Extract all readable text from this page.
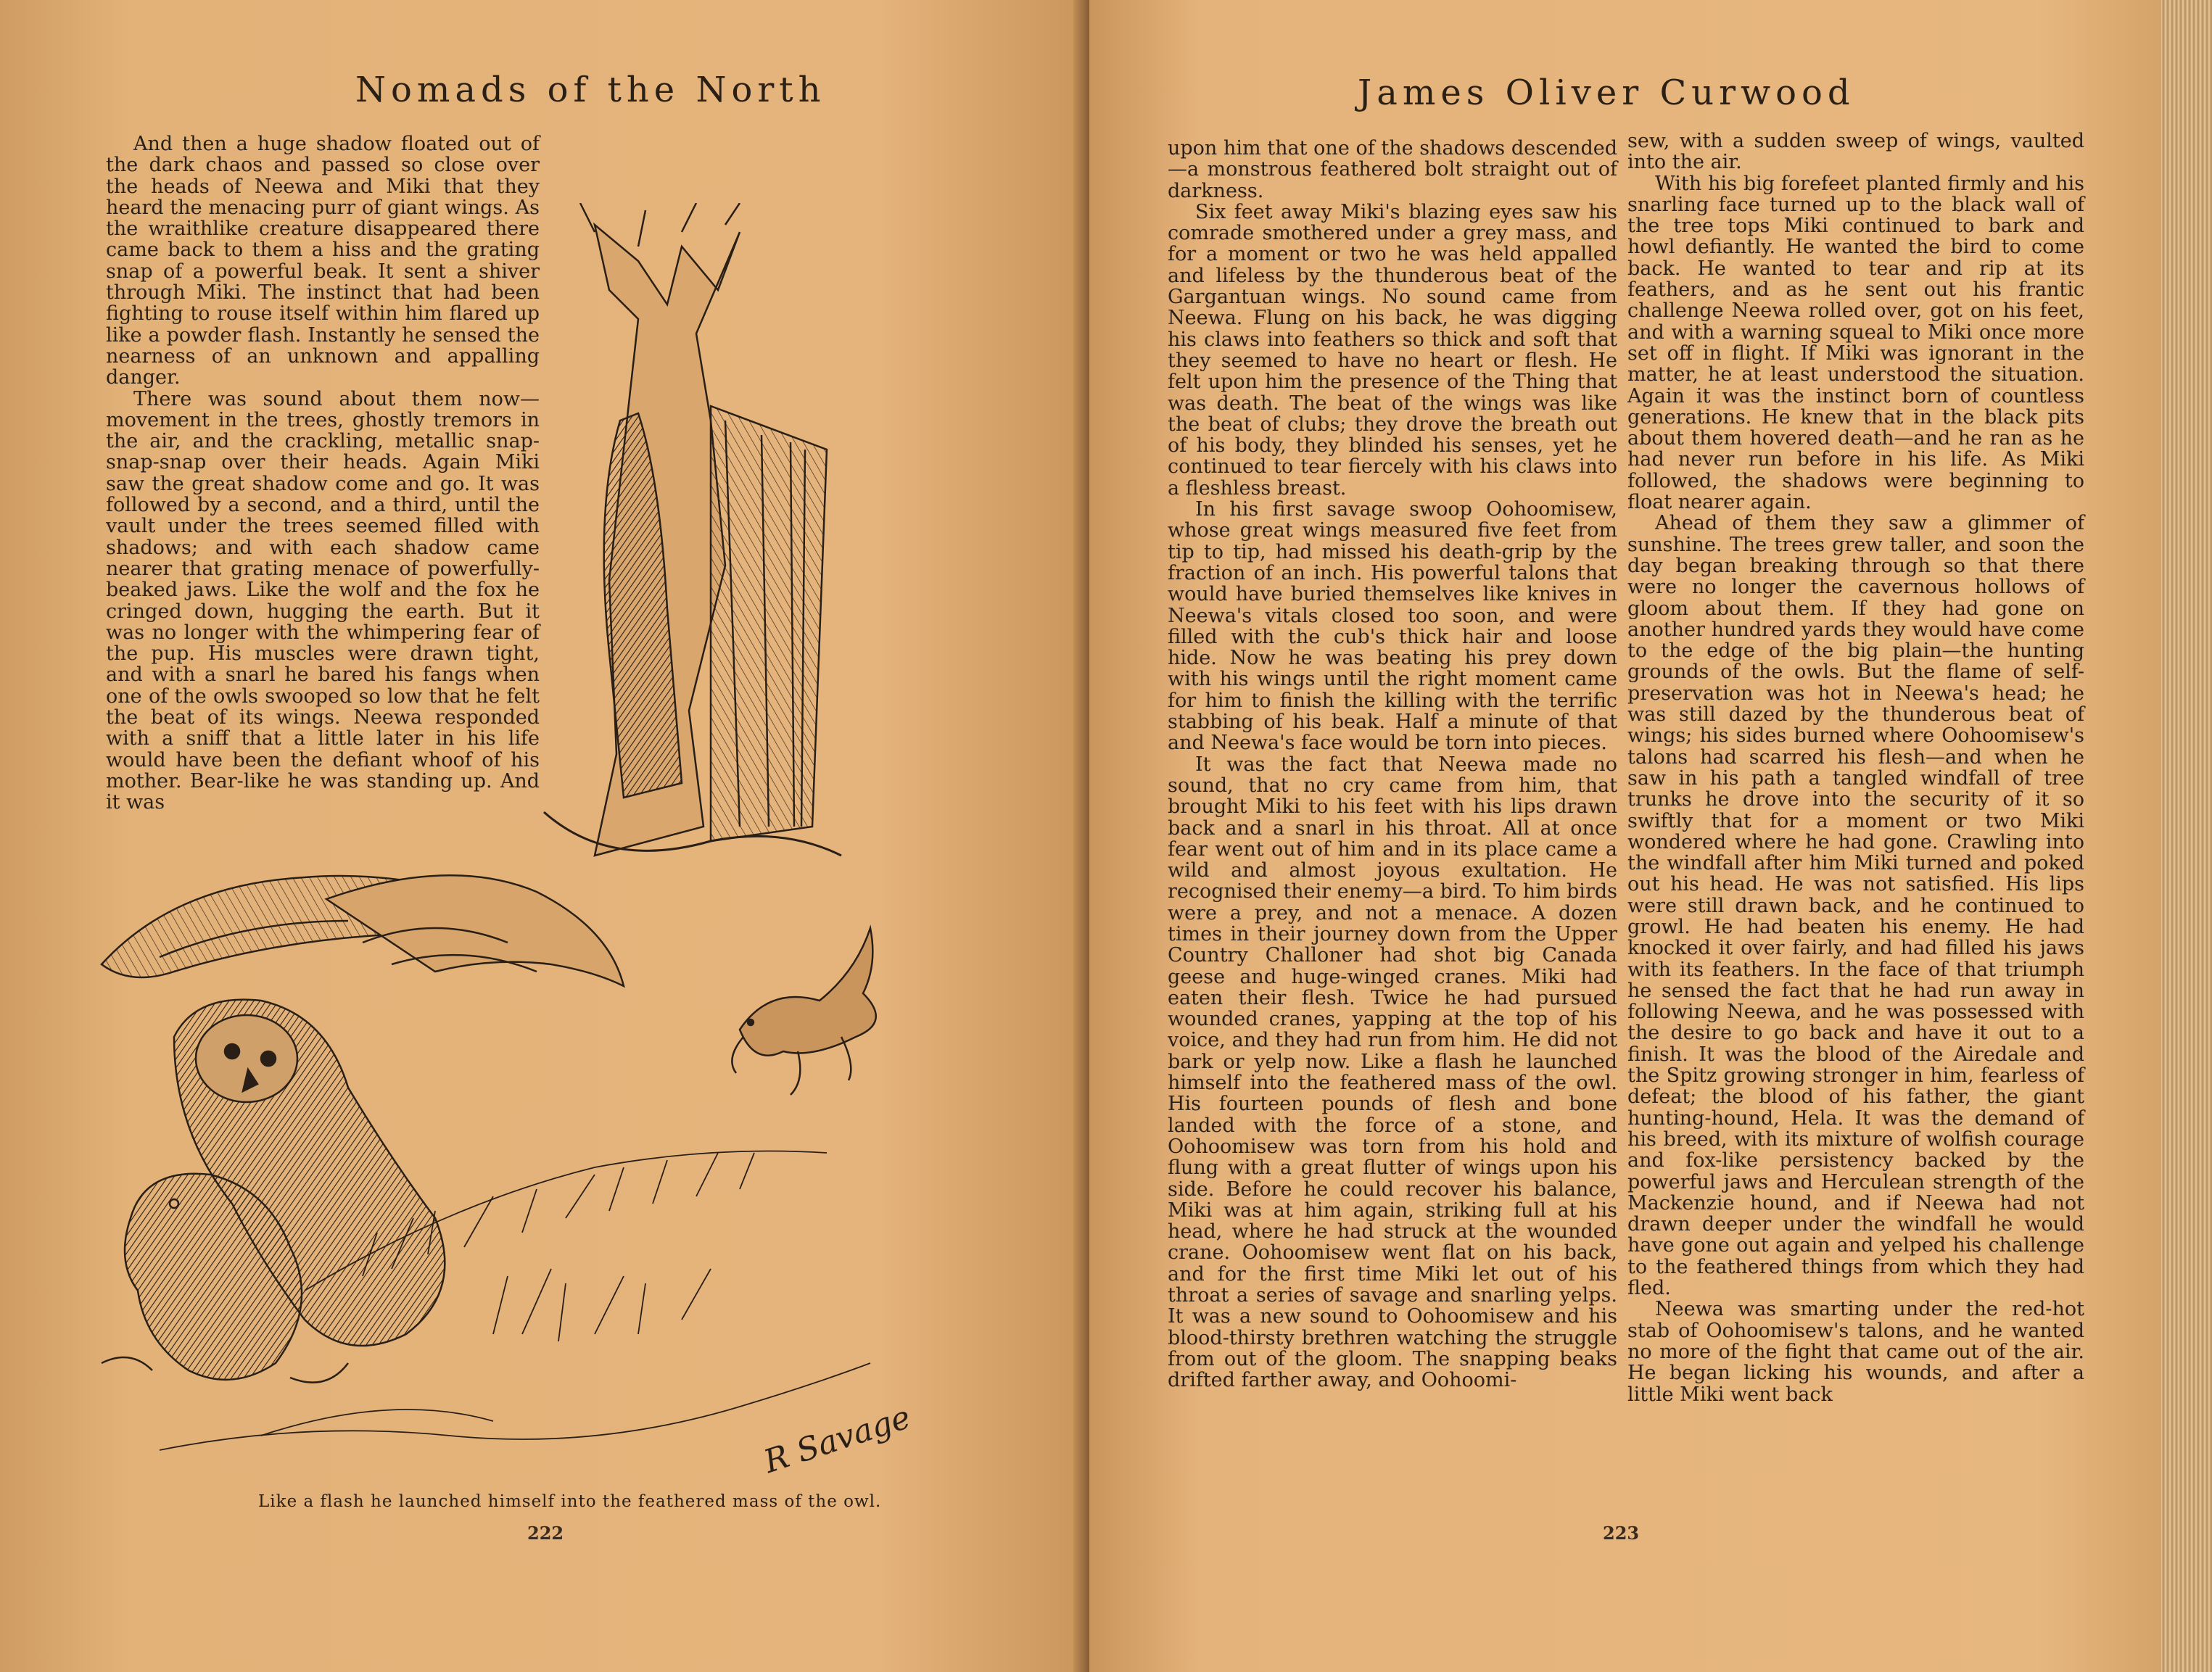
Nomads of the North

And then a huge shadow floated out of the dark chaos and passed so close over the heads of Neewa and Miki that they heard the menacing purr of giant wings. As the wraithlike creature disappeared there came back to them a hiss and the grating snap of a powerful beak. It sent a shiver through Miki. The instinct that had been fighting to rouse itself within him flared up like a powder flash. Instantly he sensed the nearness of an unknown and appalling danger.

There was sound about them now—movement in the trees, ghostly tremors in the air, and the crackling, metallic snap-snap-snap over their heads. Again Miki saw the great shadow come and go. It was followed by a second, and a third, until the vault under the trees seemed filled with shadows; and with each shadow came nearer that grating menace of powerfully-beaked jaws. Like the wolf and the fox he cringed down, hugging the earth. But it was no longer with the whimpering fear of the pup. His muscles were drawn tight, and with a snarl he bared his fangs when one of the owls swooped so low that he felt the beat of its wings. Neewa responded with a sniff that a little later in his life would have been the defiant whoof of his mother. Bear-like he was standing up. And it was

R Savage
Like a flash he launched himself into the feathered mass of the owl.
222
James Oliver Curwood

upon him that one of the shadows descended—a monstrous feathered bolt straight out of darkness.

Six feet away Miki's blazing eyes saw his comrade smothered under a grey mass, and for a moment or two he was held appalled and lifeless by the thunderous beat of the Gargantuan wings. No sound came from Neewa. Flung on his back, he was digging his claws into feathers so thick and soft that they seemed to have no heart or flesh. He felt upon him the presence of the Thing that was death. The beat of the wings was like the beat of clubs; they drove the breath out of his body, they blinded his senses, yet he continued to tear fiercely with his claws into a fleshless breast.

In his first savage swoop Oohoomisew, whose great wings measured five feet from tip to tip, had missed his death-grip by the fraction of an inch. His powerful talons that would have buried themselves like knives in Neewa's vitals closed too soon, and were filled with the cub's thick hair and loose hide. Now he was beating his prey down with his wings until the right moment came for him to finish the killing with the terrific stabbing of his beak. Half a minute of that and Neewa's face would be torn into pieces.

It was the fact that Neewa made no sound, that no cry came from him, that brought Miki to his feet with his lips drawn back and a snarl in his throat. All at once fear went out of him and in its place came a wild and almost joyous exultation. He recognised their enemy—a bird. To him birds were a prey, and not a menace. A dozen times in their journey down from the Upper Country Challoner had shot big Canada geese and huge-winged cranes. Miki had eaten their flesh. Twice he had pursued wounded cranes, yapping at the top of his voice, and they had run from him. He did not bark or yelp now. Like a flash he launched himself into the feathered mass of the owl. His fourteen pounds of flesh and bone landed with the force of a stone, and Oohoomisew was torn from his hold and flung with a great flutter of wings upon his side. Before he could recover his balance, Miki was at him again, striking full at his head, where he had struck at the wounded crane. Oohoomisew went flat on his back, and for the first time Miki let out of his throat a series of savage and snarling yelps. It was a new sound to Oohoomisew and his blood-thirsty brethren watching the struggle from out of the gloom. The snapping beaks drifted farther away, and Oohoomi-

sew, with a sudden sweep of wings, vaulted into the air.

With his big forefeet planted firmly and his snarling face turned up to the black wall of the tree tops Miki continued to bark and howl defiantly. He wanted the bird to come back. He wanted to tear and rip at its feathers, and as he sent out his frantic challenge Neewa rolled over, got on his feet, and with a warning squeal to Miki once more set off in flight. If Miki was ignorant in the matter, he at least understood the situation. Again it was the instinct born of countless generations. He knew that in the black pits about them hovered death—and he ran as he had never run before in his life. As Miki followed, the shadows were beginning to float nearer again.

Ahead of them they saw a glimmer of sunshine. The trees grew taller, and soon the day began breaking through so that there were no longer the cavernous hollows of gloom about them. If they had gone on another hundred yards they would have come to the edge of the big plain—the hunting grounds of the owls. But the flame of self-preservation was hot in Neewa's head; he was still dazed by the thunderous beat of wings; his sides burned where Oohoomisew's talons had scarred his flesh—and when he saw in his path a tangled windfall of tree trunks he drove into the security of it so swiftly that for a moment or two Miki wondered where he had gone. Crawling into the windfall after him Miki turned and poked out his head. He was not satisfied. His lips were still drawn back, and he continued to growl. He had beaten his enemy. He had knocked it over fairly, and had filled his jaws with its feathers. In the face of that triumph he sensed the fact that he had run away in following Neewa, and he was possessed with the desire to go back and have it out to a finish. It was the blood of the Airedale and the Spitz growing stronger in him, fearless of defeat; the blood of his father, the giant hunting-hound, Hela. It was the demand of his breed, with its mixture of wolfish courage and fox-like persistency backed by the powerful jaws and Herculean strength of the Mackenzie hound, and if Neewa had not drawn deeper under the windfall he would have gone out again and yelped his challenge to the feathered things from which they had fled.

Neewa was smarting under the red-hot stab of Oohoomisew's talons, and he wanted no more of the fight that came out of the air. He began licking his wounds, and after a little Miki went back

223
